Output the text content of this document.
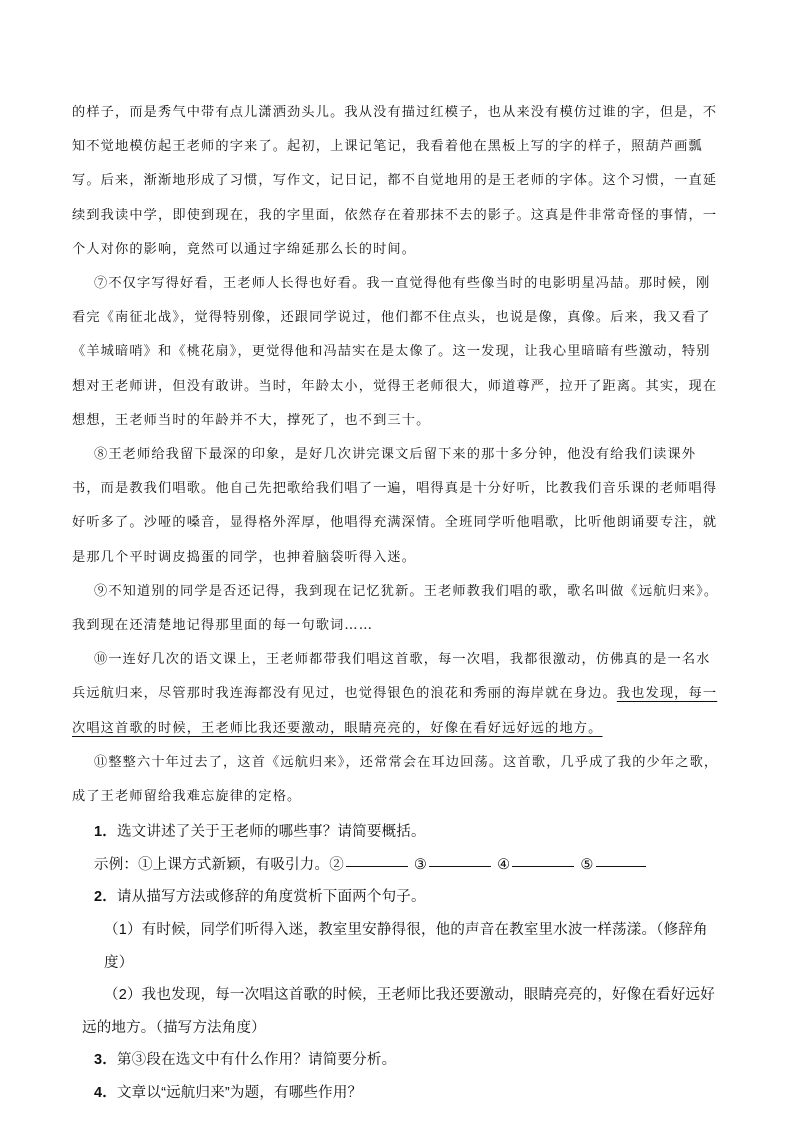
的样子，而是秀气中带有点儿潇洒劲头儿。我从没有描过红模子，也从来没有模仿过谁的字，但是，不知不觉地模仿起王老师的字来了。起初，上课记笔记，我看着他在黑板上写的字的样子，照葫芦画瓢写。后来，渐渐地形成了习惯，写作文，记日记，都不自觉地用的是王老师的字体。这个习惯，一直延续到我读中学，即使到现在，我的字里面，依然存在着那抹不去的影子。这真是件非常奇怪的事情，一个人对你的影响，竟然可以通过字绵延那么长的时间。

⑦不仅字写得好看，王老师人长得也好看。我一直觉得他有些像当时的电影明星冯喆。那时候，刚看完《南征北战》，觉得特别像，还跟同学说过，他们都不住点头，也说是像，真像。后来，我又看了《羊城暗哨》和《桃花扇》，更觉得他和冯喆实在是太像了。这一发现，让我心里暗暗有些激动，特别想对王老师讲，但没有敢讲。当时，年龄太小，觉得王老师很大，师道尊严，拉开了距离。其实，现在想想，王老师当时的年龄并不大，撑死了，也不到三十。

⑧王老师给我留下最深的印象，是好几次讲完课文后留下来的那十多分钟，他没有给我们读课外书，而是教我们唱歌。他自己先把歌给我们唱了一遍，唱得真是十分好听，比教我们音乐课的老师唱得好听多了。沙哑的嗓音，显得格外浑厚，他唱得充满深情。全班同学听他唱歌，比听他朗诵要专注，就是那几个平时调皮捣蛋的同学，也抻着脑袋听得入迷。

⑨不知道别的同学是否还记得，我到现在记忆犹新。王老师教我们唱的歌，歌名叫做《远航归来》。我到现在还清楚地记得那里面的每一句歌词……

⑩一连好几次的语文课上，王老师都带我们唱这首歌，每一次唱，我都很激动，仿佛真的是一名水兵远航归来，尽管那时我连海都没有见过，也觉得银色的浪花和秀丽的海岸就在身边。我也发现，每一次唱这首歌的时候，王老师比我还要激动，眼睛亮亮的，好像在看好远好远的地方。

⑪整整六十年过去了，这首《远航归来》，还常常会在耳边回荡。这首歌，几乎成了我的少年之歌，成了王老师留给我难忘旋律的定格。

1．选文讲述了关于王老师的哪些事？请简要概括。

示例：①上课方式新颖，有吸引力。②	③	④	⑤

2．请从描写方法或修辞的角度赏析下面两个句子。

（1）有时候，同学们听得入迷，教室里安静得很，他的声音在教室里水波一样荡漾。（修辞角度）

（2）我也发现，每一次唱这首歌的时候，王老师比我还要激动，眼睛亮亮的，好像在看好远好远的地方。（描写方法角度）

3．第③段在选文中有什么作用？请简要分析。

4．文章以“远航归来”为题，有哪些作用？
